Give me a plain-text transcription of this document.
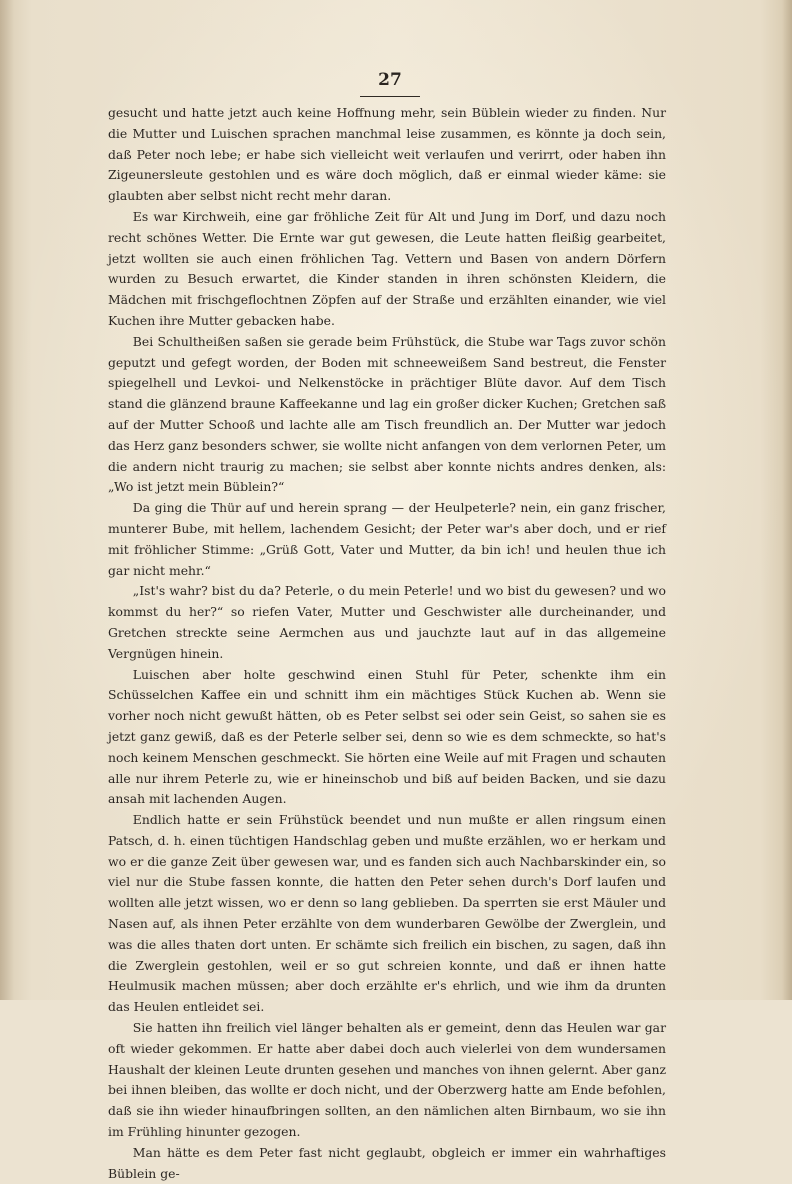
27

gesucht und hatte jetzt auch keine Hoffnung mehr, sein Büblein wieder zu finden. Nur die Mutter und Luischen sprachen manchmal leise zusammen, es könnte ja doch sein, daß Peter noch lebe; er habe sich vielleicht weit verlaufen und verirrt, oder haben ihn Zigeunersleute gestohlen und es wäre doch möglich, daß er einmal wieder käme: sie glaubten aber selbst nicht recht mehr daran.

Es war Kirchweih, eine gar fröhliche Zeit für Alt und Jung im Dorf, und dazu noch recht schönes Wetter. Die Ernte war gut gewesen, die Leute hatten fleißig gearbeitet, jetzt wollten sie auch einen fröhlichen Tag. Vettern und Basen von andern Dörfern wurden zu Besuch erwartet, die Kinder standen in ihren schönsten Kleidern, die Mädchen mit frischgeflochtnen Zöpfen auf der Straße und erzählten einander, wie viel Kuchen ihre Mutter gebacken habe.

Bei Schultheißen saßen sie gerade beim Frühstück, die Stube war Tags zuvor schön geputzt und gefegt worden, der Boden mit schneeweißem Sand bestreut, die Fenster spiegelhell und Levkoi- und Nelkenstöcke in prächtiger Blüte davor. Auf dem Tisch stand die glänzend braune Kaffeekanne und lag ein großer dicker Kuchen; Gretchen saß auf der Mutter Schooß und lachte alle am Tisch freundlich an. Der Mutter war jedoch das Herz ganz besonders schwer, sie wollte nicht anfangen von dem verlornen Peter, um die andern nicht traurig zu machen; sie selbst aber konnte nichts andres denken, als: „Wo ist jetzt mein Büblein?“

Da ging die Thür auf und herein sprang — der Heulpeterle? nein, ein ganz frischer, munterer Bube, mit hellem, lachendem Gesicht; der Peter war's aber doch, und er rief mit fröhlicher Stimme: „Grüß Gott, Vater und Mutter, da bin ich! und heulen thue ich gar nicht mehr.“

„Ist's wahr? bist du da? Peterle, o du mein Peterle! und wo bist du gewesen? und wo kommst du her?“ so riefen Vater, Mutter und Geschwister alle durcheinander, und Gretchen streckte seine Aermchen aus und jauchzte laut auf in das allgemeine Vergnügen hinein.

Luischen aber holte geschwind einen Stuhl für Peter, schenkte ihm ein Schüsselchen Kaffee ein und schnitt ihm ein mächtiges Stück Kuchen ab. Wenn sie vorher noch nicht gewußt hätten, ob es Peter selbst sei oder sein Geist, so sahen sie es jetzt ganz gewiß, daß es der Peterle selber sei, denn so wie es dem schmeckte, so hat's noch keinem Menschen geschmeckt. Sie hörten eine Weile auf mit Fragen und schauten alle nur ihrem Peterle zu, wie er hineinschob und biß auf beiden Backen, und sie dazu ansah mit lachenden Augen.

Endlich hatte er sein Frühstück beendet und nun mußte er allen ringsum einen Patsch, d. h. einen tüchtigen Handschlag geben und mußte erzählen, wo er herkam und wo er die ganze Zeit über gewesen war, und es fanden sich auch Nachbarskinder ein, so viel nur die Stube fassen konnte, die hatten den Peter sehen durch's Dorf laufen und wollten alle jetzt wissen, wo er denn so lang geblieben. Da sperrten sie erst Mäuler und Nasen auf, als ihnen Peter erzählte von dem wunderbaren Gewölbe der Zwerglein, und was die alles thaten dort unten. Er schämte sich freilich ein bischen, zu sagen, daß ihn die Zwerglein gestohlen, weil er so gut schreien konnte, und daß er ihnen hatte Heulmusik machen müssen; aber doch erzählte er's ehrlich, und wie ihm da drunten das Heulen entleidet sei.

Sie hatten ihn freilich viel länger behalten als er gemeint, denn das Heulen war gar oft wieder gekommen. Er hatte aber dabei doch auch vielerlei von dem wundersamen Haushalt der kleinen Leute drunten gesehen und manches von ihnen gelernt. Aber ganz bei ihnen bleiben, das wollte er doch nicht, und der Oberzwerg hatte am Ende befohlen, daß sie ihn wieder hinaufbringen sollten, an den nämlichen alten Birnbaum, wo sie ihn im Frühling hinunter gezogen.

Man hätte es dem Peter fast nicht geglaubt, obgleich er immer ein wahrhaftiges Büblein ge-
